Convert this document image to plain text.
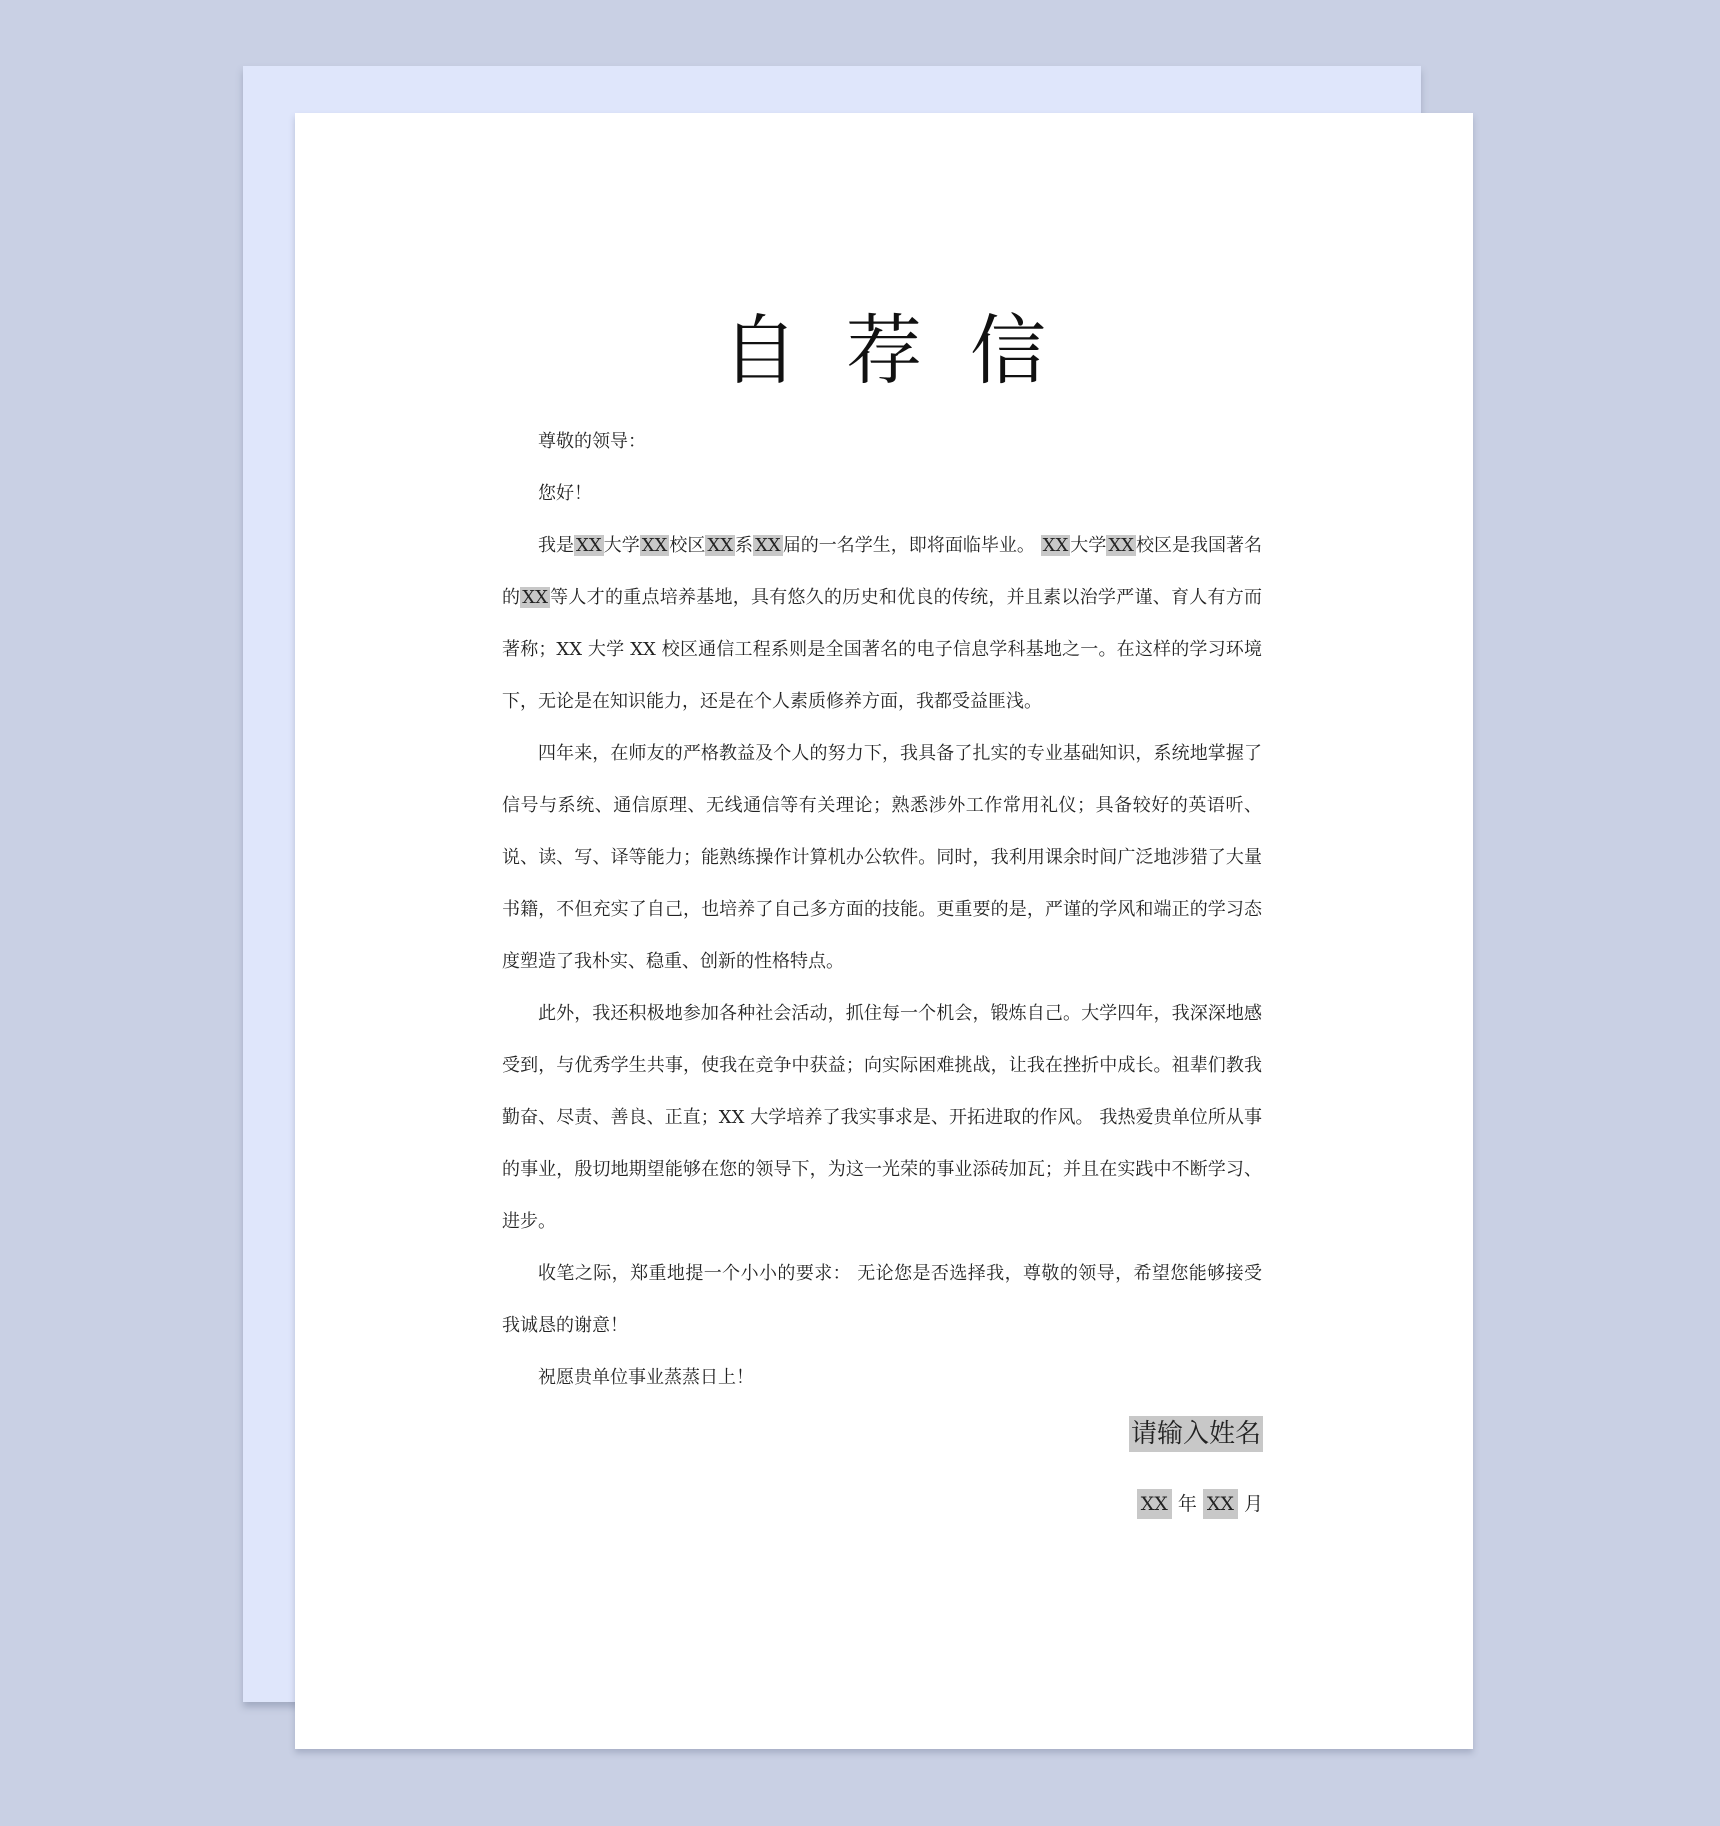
自荐信

尊敬的领导：

您好！

我是 XX 大学 XX 校区 XX 系 XX 届的一名学生，即将面临毕业。 XX 大学 XX 校区是我国著名的 XX 等人才的重点培养基地，具有悠久的历史和优良的传统，并且素以治学严谨、育人有方而著称；XX 大学 XX 校区通信工程系则是全国著名的电子信息学科基地之一。在这样的学习环境下，无论是在知识能力，还是在个人素质修养方面，我都受益匪浅。

四年来，在师友的严格教益及个人的努力下，我具备了扎实的专业基础知识，系统地掌握了信号与系统、通信原理、无线通信等有关理论；熟悉涉外工作常用礼仪；具备较好的英语听、说、读、写、译等能力；能熟练操作计算机办公软件。同时，我利用课余时间广泛地涉猎了大量书籍，不但充实了自己，也培养了自己多方面的技能。更重要的是，严谨的学风和端正的学习态度塑造了我朴实、稳重、创新的性格特点。

此外，我还积极地参加各种社会活动，抓住每一个机会，锻炼自己。大学四年，我深深地感受到，与优秀学生共事，使我在竞争中获益；向实际困难挑战，让我在挫折中成长。祖辈们教我勤奋、尽责、善良、正直；XX 大学培养了我实事求是、开拓进取的作风。 我热爱贵单位所从事的事业，殷切地期望能够在您的领导下，为这一光荣的事业添砖加瓦；并且在实践中不断学习、进步。

收笔之际，郑重地提一个小小的要求： 无论您是否选择我，尊敬的领导，希望您能够接受我诚恳的谢意！

祝愿贵单位事业蒸蒸日上！

请输入姓名
XX 年 XX 月
